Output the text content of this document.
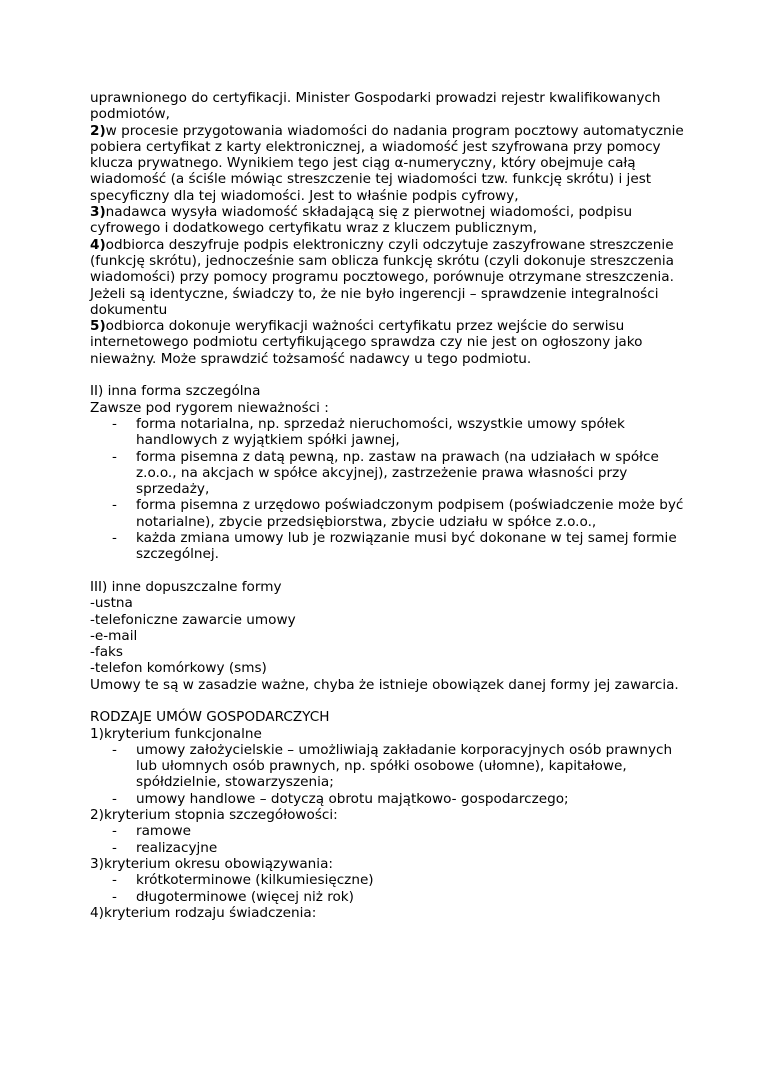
uprawnionego do certyfikacji. Minister Gospodarki prowadzi rejestr kwalifikowanych podmiotów,

2)w procesie przygotowania wiadomości do nadania program pocztowy automatycznie pobiera certyfikat z karty elektronicznej, a wiadomość jest szyfrowana przy pomocy klucza prywatnego. Wynikiem tego jest ciąg α-numeryczny, który obejmuje całą wiadomość (a ściśle mówiąc streszczenie tej wiadomości tzw. funkcję skrótu) i jest specyficzny dla tej wiadomości. Jest to właśnie podpis cyfrowy,

3)nadawca wysyła wiadomość składającą się z pierwotnej wiadomości, podpisu cyfrowego i dodatkowego certyfikatu wraz z kluczem publicznym,

4)odbiorca deszyfruje podpis elektroniczny czyli odczytuje zaszyfrowane streszczenie (funkcję skrótu), jednocześnie sam oblicza funkcję skrótu (czyli dokonuje streszczenia wiadomości) przy pomocy programu pocztowego, porównuje otrzymane streszczenia. Jeżeli są identyczne, świadczy to, że nie było ingerencji – sprawdzenie integralności dokumentu

5)odbiorca dokonuje weryfikacji ważności certyfikatu przez wejście do serwisu internetowego podmiotu certyfikującego sprawdza czy nie jest on ogłoszony jako nieważny. Może sprawdzić tożsamość nadawcy u tego podmiotu.

II) inna forma szczególna

Zawsze pod rygorem nieważności :

- forma notarialna, np. sprzedaż nieruchomości, wszystkie umowy spółek handlowych z wyjątkiem spółki jawnej,
- forma pisemna z datą pewną, np. zastaw na prawach (na udziałach w spółce z.o.o., na akcjach w spółce akcyjnej), zastrzeżenie prawa własności przy sprzedaży,
- forma pisemna z urzędowo poświadczonym podpisem (poświadczenie może być notarialne), zbycie przedsiębiorstwa, zbycie udziału w spółce z.o.o.,
- każda zmiana umowy lub je rozwiązanie musi być dokonane w tej samej formie szczególnej.

III) inne dopuszczalne formy

-ustna

-telefoniczne zawarcie umowy

-e-mail

-faks

-telefon komórkowy (sms)

Umowy te są w zasadzie ważne, chyba że istnieje obowiązek danej formy jej zawarcia.

RODZAJE UMÓW GOSPODARCZYCH

1)kryterium funkcjonalne

- umowy założycielskie – umożliwiają zakładanie korporacyjnych osób prawnych lub ułomnych osób prawnych, np. spółki osobowe (ułomne), kapitałowe, spółdzielnie, stowarzyszenia;
- umowy handlowe – dotyczą obrotu majątkowo- gospodarczego;

2)kryterium stopnia szczegółowości:

- ramowe
- realizacyjne

3)kryterium okresu obowiązywania:

- krótkoterminowe (kilkumiesięczne)
- długoterminowe (więcej niż rok)

4)kryterium rodzaju świadczenia:
